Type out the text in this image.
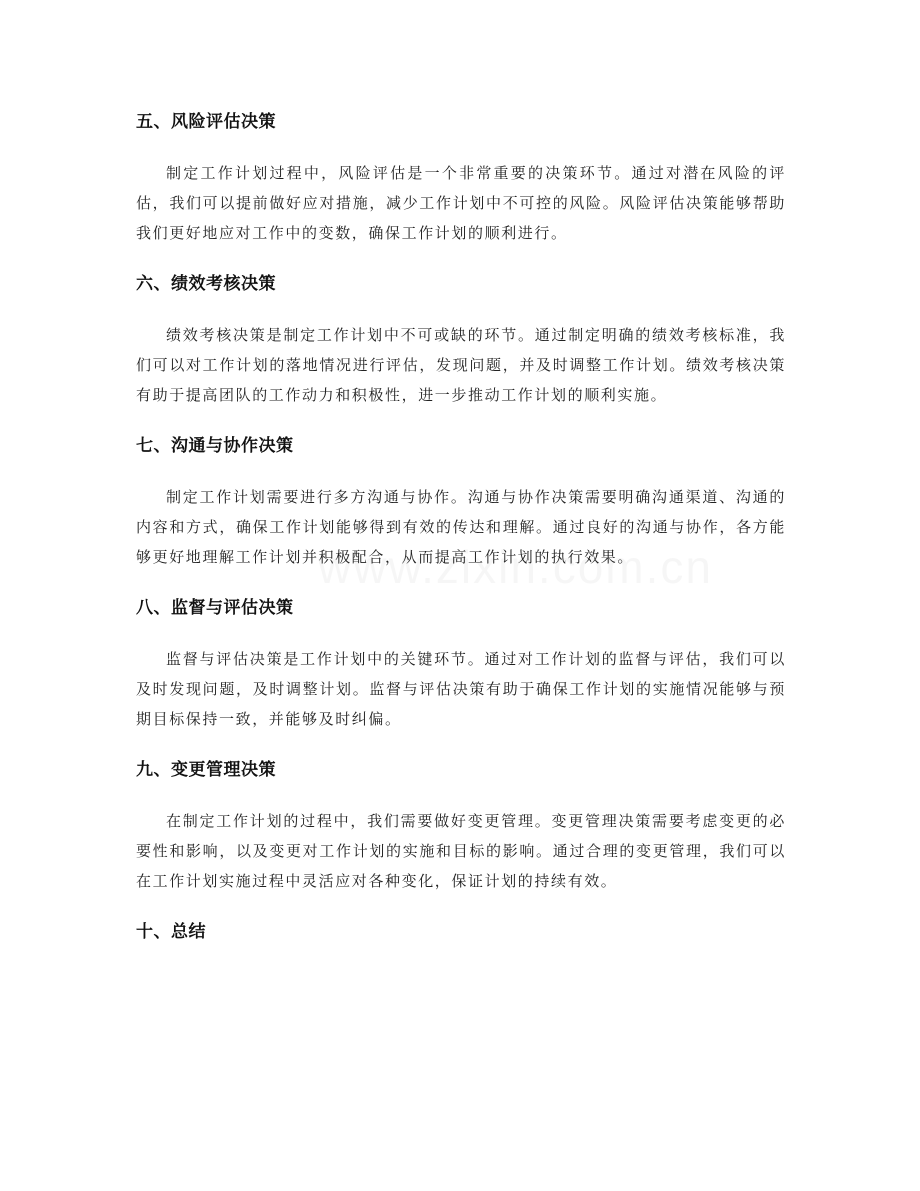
五、风险评估决策

制定工作计划过程中，风险评估是一个非常重要的决策环节。通过对潜在风险的评估，我们可以提前做好应对措施，减少工作计划中不可控的风险。风险评估决策能够帮助我们更好地应对工作中的变数，确保工作计划的顺利进行。

六、绩效考核决策

绩效考核决策是制定工作计划中不可或缺的环节。通过制定明确的绩效考核标准，我们可以对工作计划的落地情况进行评估，发现问题，并及时调整工作计划。绩效考核决策有助于提高团队的工作动力和积极性，进一步推动工作计划的顺利实施。

七、沟通与协作决策

制定工作计划需要进行多方沟通与协作。沟通与协作决策需要明确沟通渠道、沟通的内容和方式，确保工作计划能够得到有效的传达和理解。通过良好的沟通与协作，各方能够更好地理解工作计划并积极配合，从而提高工作计划的执行效果。

八、监督与评估决策

监督与评估决策是工作计划中的关键环节。通过对工作计划的监督与评估，我们可以及时发现问题，及时调整计划。监督与评估决策有助于确保工作计划的实施情况能够与预期目标保持一致，并能够及时纠偏。

九、变更管理决策

在制定工作计划的过程中，我们需要做好变更管理。变更管理决策需要考虑变更的必要性和影响，以及变更对工作计划的实施和目标的影响。通过合理的变更管理，我们可以在工作计划实施过程中灵活应对各种变化，保证计划的持续有效。

十、总结
